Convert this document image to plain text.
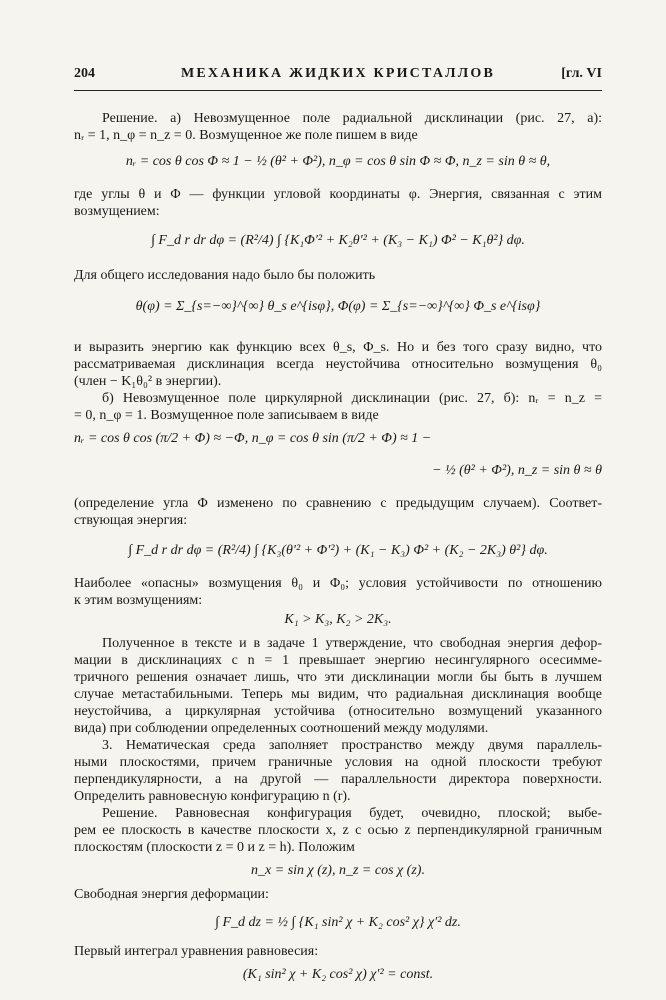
204	МЕХАНИКА ЖИДКИХ КРИСТАЛЛОВ	[гл. VI
Решение. а) Невозмущенное поле радиальной дисклинации (рис. 27, а):
nᵣ = 1, n_φ = n_z = 0. Возмущенное же поле пишем в виде
nᵣ = cos θ cos Φ ≈ 1 − ½ (θ² + Φ²), n_φ = cos θ sin Φ ≈ Φ, n_z = sin θ ≈ θ,
где углы θ и Φ — функции угловой координаты φ. Энергия, связанная с этим
возмущением:
∫ F_d r dr dφ = (R²/4) ∫ {K₁Φ′² + K₂θ′² + (K₃ − K₁) Φ² − K₁θ²} dφ.
Для общего исследования надо было бы положить
θ(φ) = Σ_{s=−∞}^{∞} θ_s e^{isφ}, Φ(φ) = Σ_{s=−∞}^{∞} Φ_s e^{isφ}
и выразить энергию как функцию всех θ_s, Φ_s. Но и без того сразу видно, что
рассматриваемая дисклинация всегда неустойчива относительно возмущения θ₀
(член − K₁θ₀² в энергии).
б) Невозмущенное поле циркулярной дисклинации (рис. 27, б): nᵣ = n_z =
= 0, n_φ = 1. Возмущенное поле записываем в виде
nᵣ = cos θ cos (π/2 + Φ) ≈ −Φ, n_φ = cos θ sin (π/2 + Φ) ≈ 1 −
− ½ (θ² + Φ²), n_z = sin θ ≈ θ
(определение угла Φ изменено по сравнению с предыдущим случаем). Соответ-
ствующая энергия:
∫ F_d r dr dφ = (R²/4) ∫ {K₃(θ′² + Φ′²) + (K₁ − K₃) Φ² + (K₂ − 2K₃) θ²} dφ.
Наиболее «опасны» возмущения θ₀ и Φ₀; условия устойчивости по отношению
к этим возмущениям:
K₁ > K₃, K₂ > 2K₃.
Полученное в тексте и в задаче 1 утверждение, что свободная энергия дефор-
мации в дисклинациях с n = 1 превышает энергию несингулярного осесимме-
тричного решения означает лишь, что эти дисклинации могли бы быть в лучшем
случае метастабильными. Теперь мы видим, что радиальная дисклинация вообще
неустойчива, а циркулярная устойчива (относительно возмущений указанного
вида) при соблюдении определенных соотношений между модулями.
3. Нематическая среда заполняет пространство между двумя параллель-
ными плоскостями, причем граничные условия на одной плоскости требуют
перпендикулярности, а на другой — параллельности директора поверхности.
Определить равновесную конфигурацию n (r).
Решение. Равновесная конфигурация будет, очевидно, плоской; выбе-
рем ее плоскость в качестве плоскости x, z с осью z перпендикулярной граничным
плоскостям (плоскости z = 0 и z = h). Положим
n_x = sin χ (z), n_z = cos χ (z).
Свободная энергия деформации:
∫ F_d dz = ½ ∫ {K₁ sin² χ + K₂ cos² χ} χ′² dz.
Первый интеграл уравнения равновесия:
(K₁ sin² χ + K₂ cos² χ) χ′² = const.
